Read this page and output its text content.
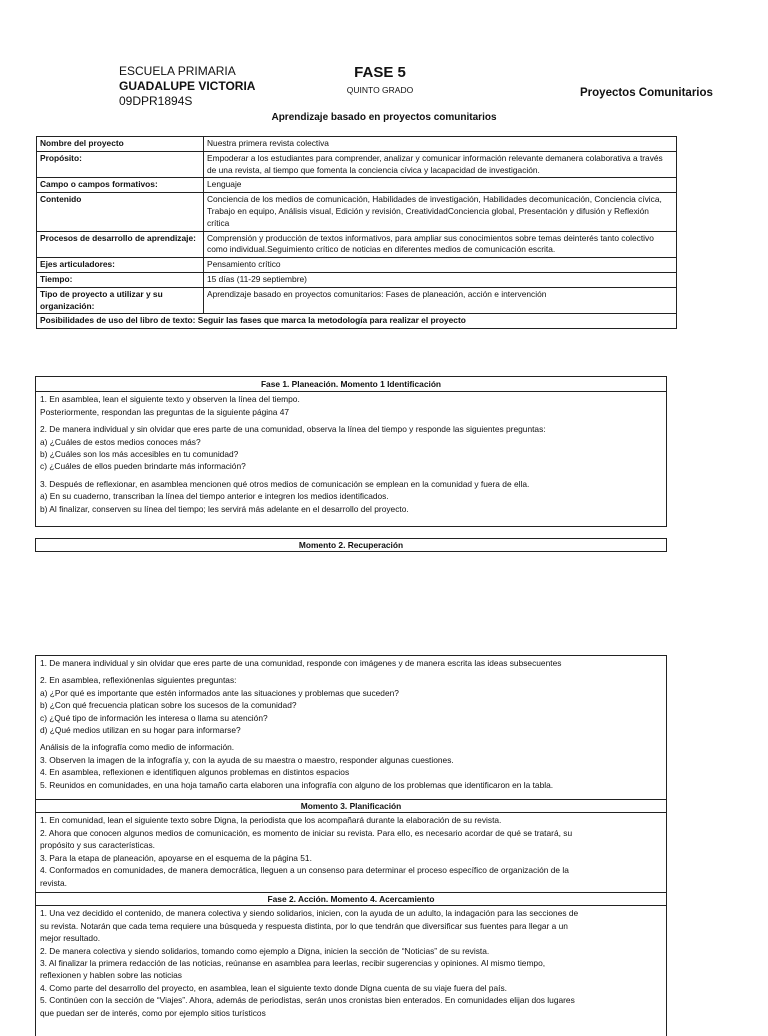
ESCUELA PRIMARIA
GUADALUPE VICTORIA
09DPR1894S
FASE 5
QUINTO GRADO	Proyectos Comunitarios
Aprendizaje basado en proyectos comunitarios
Nombre del proyecto	Nuestra primera revista colectiva
Propósito:	Empoderar a los estudiantes para comprender, analizar y comunicar información relevante demanera colaborativa a través de una revista, al tiempo que fomenta la conciencia cívica y lacapacidad de investigación.
Campo o campos formativos:	Lenguaje
Contenido	Conciencia de los medios de comunicación, Habilidades de investigación, Habilidades decomunicación, Conciencia cívica, Trabajo en equipo, Análisis visual, Edición y revisión, CreatividadConciencia global, Presentación y difusión y Reflexión crítica
Procesos de desarrollo de aprendizaje:	Comprensión y producción de textos informativos, para ampliar sus conocimientos sobre temas deinterés tanto colectivo como individual.Seguimiento crítico de noticias en diferentes medios de comunicación escrita.
Ejes articuladores:	Pensamiento crítico
Tiempo:	15 días (11-29 septiembre)
Tipo de proyecto a utilizar y su organización:	Aprendizaje basado en proyectos comunitarios: Fases de planeación, acción e intervención
Posibilidades de uso del libro de texto: Seguir las fases que marca la metodología para realizar el proyecto	
Fase 1. Planeación. Momento 1 Identificación

1. En asamblea, lean el siguiente texto y observen la línea del tiempo.
Posteriormente, respondan las preguntas de la siguiente página 47

2. De manera individual y sin olvidar que eres parte de una comunidad, observa la línea del tiempo y responde las siguientes preguntas:
a) ¿Cuáles de estos medios conoces más?
b) ¿Cuáles son los más accesibles en tu comunidad?
c) ¿Cuáles de ellos pueden brindarte más información?

3. Después de reflexionar, en asamblea mencionen qué otros medios de comunicación se emplean en la comunidad y fuera de ella.
a) En su cuaderno, transcriban la línea del tiempo anterior e integren los medios identificados.
b) Al finalizar, conserven su línea del tiempo; les servirá más adelante en el desarrollo del proyecto.

Momento 2. Recuperación

1. De manera individual y sin olvidar que eres parte de una comunidad, responde con imágenes y de manera escrita las ideas subsecuentes

2. En asamblea, reflexiónenlas siguientes preguntas:
a) ¿Por qué es importante que estén informados ante las situaciones y problemas que suceden?
b) ¿Con qué frecuencia platican sobre los sucesos de la comunidad?
c) ¿Qué tipo de información les interesa o llama su atención?
d) ¿Qué medios utilizan en su hogar para informarse?

Análisis de la infografía como medio de información.
3. Observen la imagen de la infografía y, con la ayuda de su maestra o maestro, responder algunas cuestiones.
4. En asamblea, reflexionen e identifiquen algunos problemas en distintos espacios
5. Reunidos en comunidades, en una hoja tamaño carta elaboren una infografía con alguno de los problemas que identificaron en la tabla.

Momento 3. Planificación
1. En comunidad, lean el siguiente texto sobre Digna, la periodista que los acompañará durante la elaboración de su revista.
2. Ahora que conocen algunos medios de comunicación, es momento de iniciar su revista. Para ello, es necesario acordar de qué se tratará, su
propósito y sus características.
3. Para la etapa de planeación, apoyarse en el esquema de la página 51.
4. Conformados en comunidades, de manera democrática, lleguen a un consenso para determinar el proceso específico de organización de la
revista.
Fase 2. Acción. Momento 4. Acercamiento
1. Una vez decidido el contenido, de manera colectiva y siendo solidarios, inicien, con la ayuda de un adulto, la indagación para las secciones de
su revista. Notarán que cada tema requiere una búsqueda y respuesta distinta, por lo que tendrán que diversificar sus fuentes para llegar a un
mejor resultado.
2. De manera colectiva y siendo solidarios, tomando como ejemplo a Digna, inicien la sección de “Noticias” de su revista.
3. Al finalizar la primera redacción de las noticias, reúnanse en asamblea para leerlas, recibir sugerencias y opiniones. Al mismo tiempo,
reflexionen y hablen sobre las noticias
4. Como parte del desarrollo del proyecto, en asamblea, lean el siguiente texto donde Digna cuenta de su viaje fuera del país.
5. Continúen con la sección de “Viajes”. Ahora, además de periodistas, serán unos cronistas bien enterados. En comunidades elijan dos lugares
que puedan ser de interés, como por ejemplo sitios turísticos
